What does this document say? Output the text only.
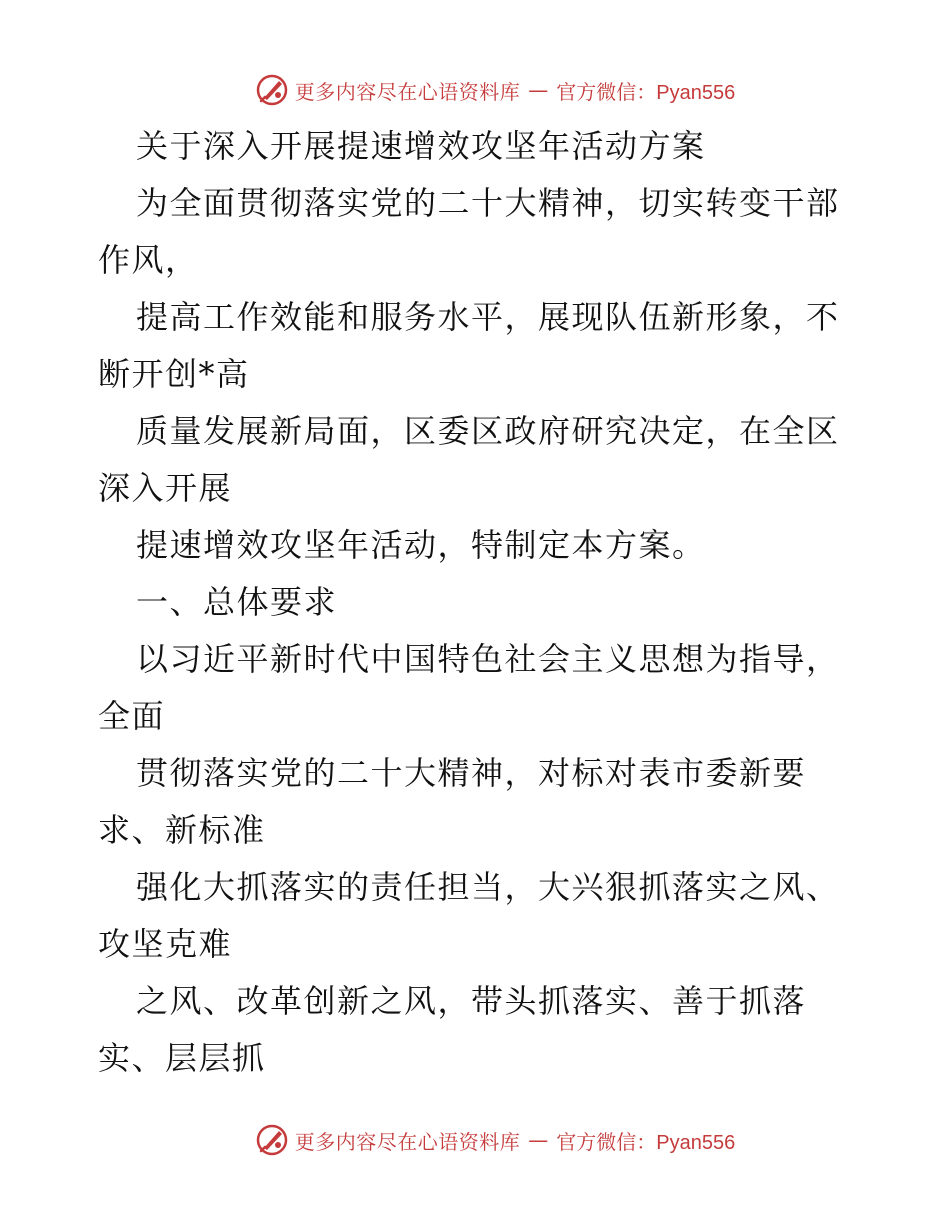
更多内容尽在心语资料库 — 官方微信：Pyan556
关于深入开展提速增效攻坚年活动方案
为全面贯彻落实党的二十大精神，切实转变干部
作风，
提高工作效能和服务水平，展现队伍新形象，不
断开创*高
质量发展新局面，区委区政府研究决定，在全区
深入开展
提速增效攻坚年活动，特制定本方案。
一、总体要求
以习近平新时代中国特色社会主义思想为指导，
全面
贯彻落实党的二十大精神，对标对表市委新要
求、新标准
强化大抓落实的责任担当，大兴狠抓落实之风、
攻坚克难
之风、改革创新之风，带头抓落实、善于抓落
实、层层抓
更多内容尽在心语资料库 — 官方微信：Pyan556
